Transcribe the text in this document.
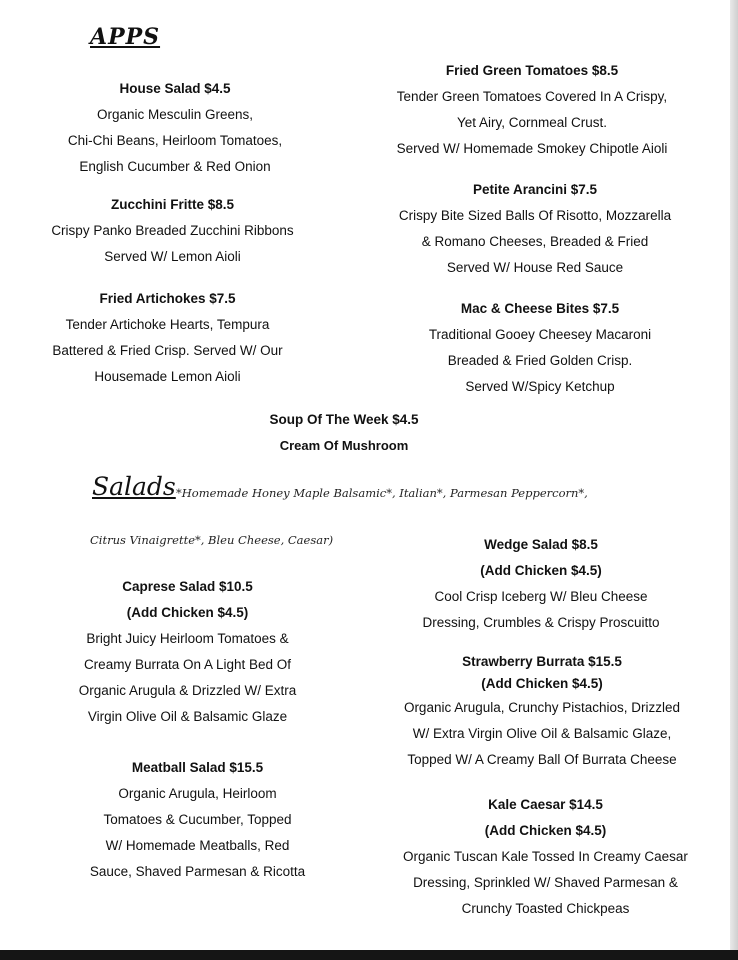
APPS
House Salad $4.5
Organic Mesculin Greens,
Chi-Chi Beans, Heirloom Tomatoes,
English Cucumber & Red Onion
Zucchini Fritte $8.5
Crispy Panko Breaded Zucchini Ribbons
Served W/ Lemon Aioli
Fried Artichokes $7.5
Tender Artichoke Hearts, Tempura
Battered & Fried Crisp. Served W/ Our
Housemade Lemon Aioli
Fried Green Tomatoes $8.5
Tender Green Tomatoes Covered In A Crispy,
Yet Airy, Cornmeal Crust.
Served W/ Homemade Smokey Chipotle Aioli
Petite Arancini $7.5
Crispy Bite Sized Balls Of Risotto, Mozzarella
& Romano Cheeses, Breaded & Fried
Served W/ House Red Sauce
Mac & Cheese Bites $7.5
Traditional Gooey Cheesey Macaroni
Breaded & Fried Golden Crisp.
Served W/Spicy Ketchup
Soup Of The Week $4.5
Cream Of Mushroom
Salads *Homemade Honey Maple Balsamic*, Italian*, Parmesan Peppercorn*,
Citrus Vinaigrette*, Bleu Cheese, Caesar)
Caprese Salad $10.5
(Add Chicken $4.5)
Bright Juicy Heirloom Tomatoes &
Creamy Burrata On A Light Bed Of
Organic Arugula & Drizzled W/ Extra
Virgin Olive Oil & Balsamic Glaze
Meatball Salad $15.5
Organic Arugula, Heirloom
Tomatoes & Cucumber, Topped
W/ Homemade Meatballs, Red
Sauce, Shaved Parmesan & Ricotta
Wedge Salad $8.5
(Add Chicken $4.5)
Cool Crisp Iceberg W/ Bleu Cheese
Dressing, Crumbles & Crispy Proscuitto
Strawberry Burrata $15.5
(Add Chicken $4.5)
Organic Arugula, Crunchy Pistachios, Drizzled
W/ Extra Virgin Olive Oil & Balsamic Glaze,
Topped W/ A Creamy Ball Of Burrata Cheese
Kale Caesar $14.5
(Add Chicken $4.5)
Organic Tuscan Kale Tossed In Creamy Caesar
Dressing, Sprinkled W/ Shaved Parmesan &
Crunchy Toasted Chickpeas
